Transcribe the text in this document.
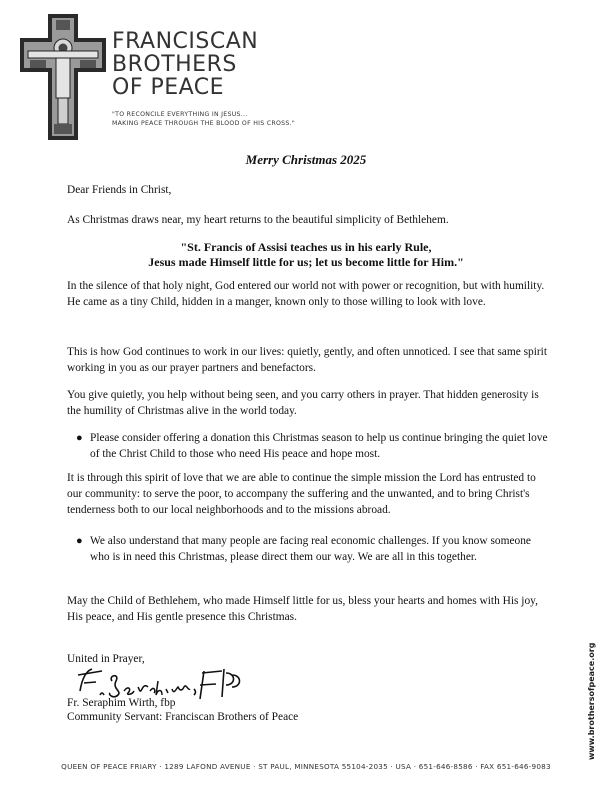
FRANCISCAN
BROTHERS
OF PEACE
"TO RECONCILE EVERYTHING IN JESUS...
MAKING PEACE THROUGH THE BLOOD OF HIS CROSS."
Merry Christmas 2025
Dear Friends in Christ,
As Christmas draws near, my heart returns to the beautiful simplicity of Bethlehem.
"St. Francis of Assisi teaches us in his early Rule,
Jesus made Himself little for us; let us become little for Him."
In the silence of that holy night, God entered our world not with power or recognition, but with humility. He came as a tiny Child, hidden in a manger, known only to those willing to look with love.
This is how God continues to work in our lives: quietly, gently, and often unnoticed. I see that same spirit working in you as our prayer partners and benefactors.
You give quietly, you help without being seen, and you carry others in prayer. That hidden generosity is the humility of Christmas alive in the world today.
● Please consider offering a donation this Christmas season to help us continue bringing the quiet love of the Christ Child to those who need His peace and hope most.
It is through this spirit of love that we are able to continue the simple mission the Lord has entrusted to our community: to serve the poor, to accompany the suffering and the unwanted, and to bring Christ's tenderness both to our local neighborhoods and to the missions abroad.
● We also understand that many people are facing real economic challenges. If you know someone who is in need this Christmas, please direct them our way. We are all in this together.
May the Child of Bethlehem, who made Himself little for us, bless your hearts and homes with His joy, His peace, and His gentle presence this Christmas.
United in Prayer,
Fr. Seraphim Wirth, fbp
Community Servant: Franciscan Brothers of Peace	www.brothersofpeace.org
QUEEN OF PEACE FRIARY · 1289 LAFOND AVENUE · ST PAUL, MINNESOTA 55104-2035 · USA · 651-646-8586 · FAX 651-646-9083
